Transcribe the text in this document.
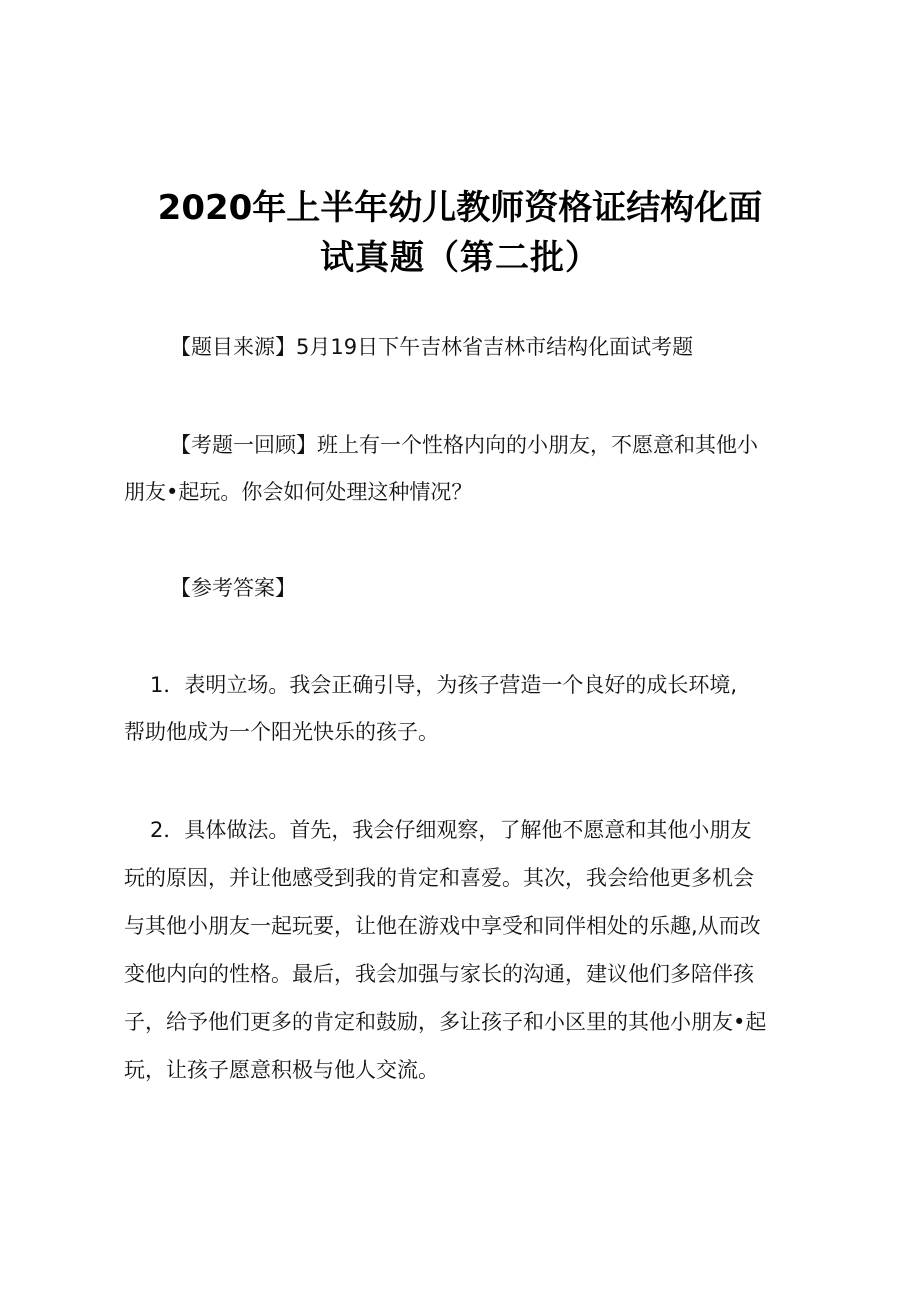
2020年上半年幼儿教师资格证结构化面
试真题（第二批）
【题目来源】5月19日下午吉林省吉林市结构化面试考题
【考题一回顾】班上有一个性格内向的小朋友，不愿意和其他小
朋友•起玩。你会如何处理这种情况？
【参考答案】
1．表明立场。我会正确引导，为孩子营造一个良好的成长环境,
帮助他成为一个阳光快乐的孩子。
2．具体做法。首先，我会仔细观察，了解他不愿意和其他小朋友
玩的原因，并让他感受到我的肯定和喜爱。其次，我会给他更多机会
与其他小朋友一起玩要，让他在游戏中享受和同伴相处的乐趣,从而改
变他内向的性格。最后，我会加强与家长的沟通，建议他们多陪伴孩
子，给予他们更多的肯定和鼓励，多让孩子和小区里的其他小朋友•起
玩，让孩子愿意积极与他人交流。
